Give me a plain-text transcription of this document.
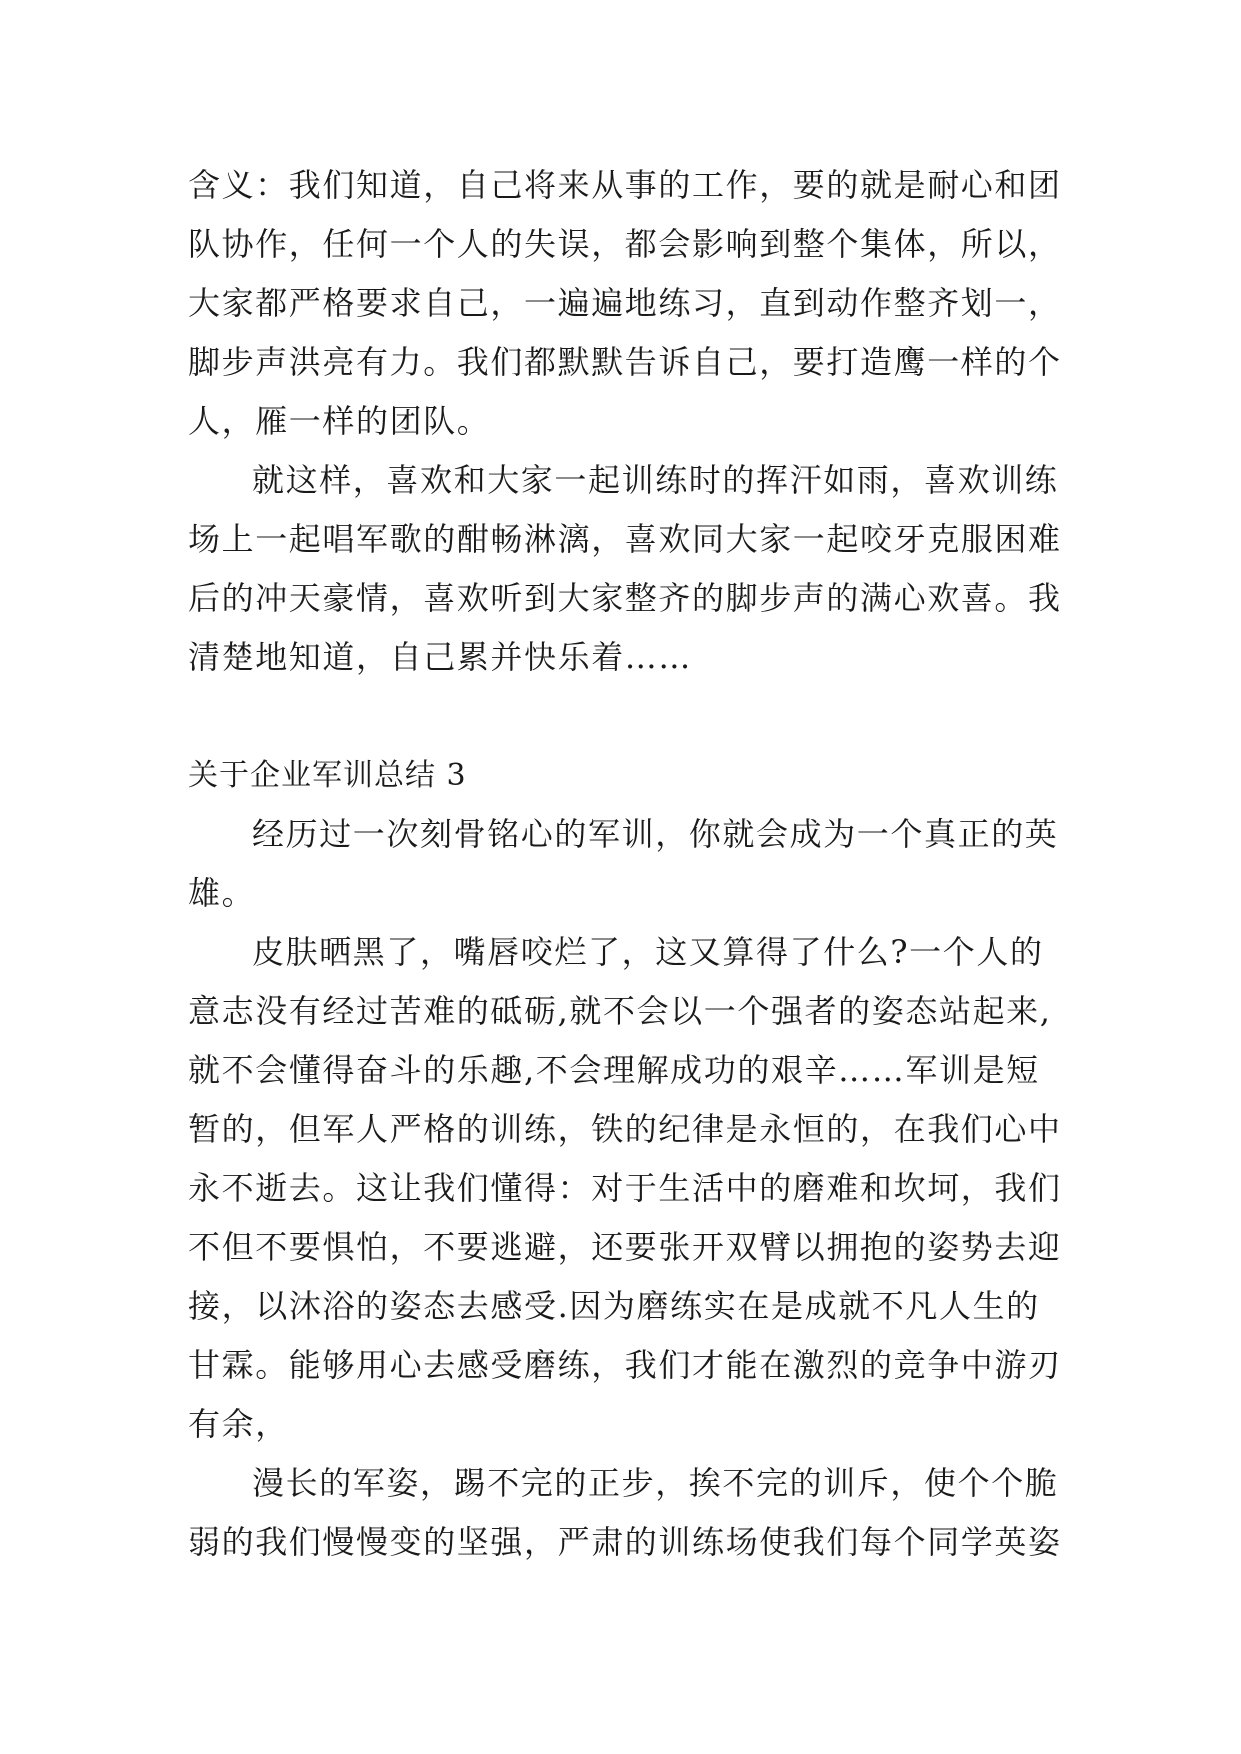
含义：我们知道，自己将来从事的工作，要的就是耐心和团队协作，任何一个人的失误，都会影响到整个集体，所以，大家都严格要求自己，一遍遍地练习，直到动作整齐划一，脚步声洪亮有力。我们都默默告诉自己，要打造鹰一样的个人，雁一样的团队。

就这样，喜欢和大家一起训练时的挥汗如雨，喜欢训练场上一起唱军歌的酣畅淋漓，喜欢同大家一起咬牙克服困难后的冲天豪情，喜欢听到大家整齐的脚步声的满心欢喜。我清楚地知道，自己累并快乐着……

关于企业军训总结 3

经历过一次刻骨铭心的军训，你就会成为一个真正的英雄。

皮肤晒黑了，嘴唇咬烂了，这又算得了什么?一个人的意志没有经过苦难的砥砺,就不会以一个强者的姿态站起来,就不会懂得奋斗的乐趣,不会理解成功的艰辛……军训是短暂的，但军人严格的训练，铁的纪律是永恒的，在我们心中永不逝去。这让我们懂得：对于生活中的磨难和坎坷，我们不但不要惧怕，不要逃避，还要张开双臂以拥抱的姿势去迎接，以沐浴的姿态去感受.因为磨练实在是成就不凡人生的甘霖。能够用心去感受磨练，我们才能在激烈的竞争中游刃有余，

漫长的军姿，踢不完的正步，挨不完的训斥，使个个脆弱的我们慢慢变的坚强，严肃的训练场使我们每个同学英姿
